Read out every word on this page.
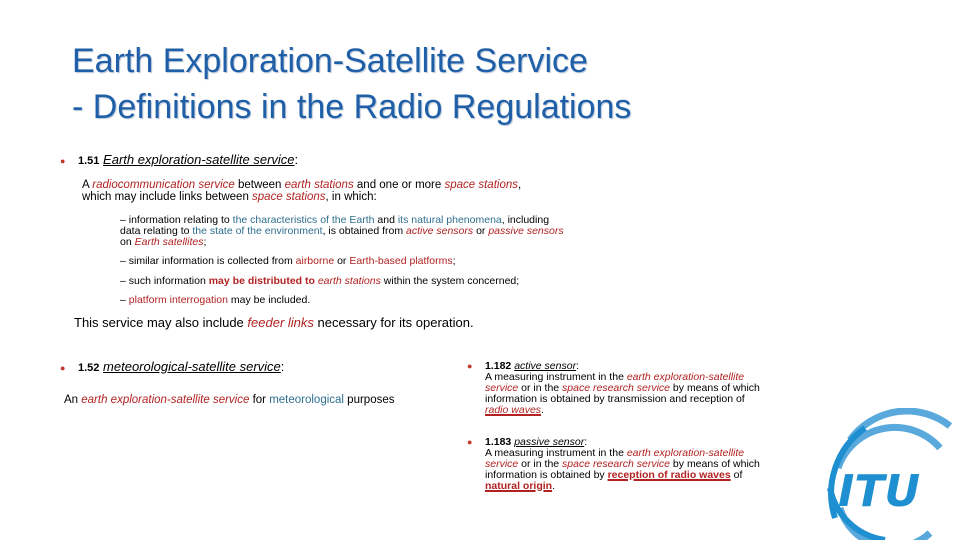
Earth Exploration-Satellite Service
- Definitions in the Radio Regulations
● 1.51 Earth exploration-satellite service:
A radiocommunication service between earth stations and one or more space stations,
which may include links between space stations, in which:
– information relating to the characteristics of the Earth and its natural phenomena, including
data relating to the state of the environment, is obtained from active sensors or passive sensors
on Earth satellites;
– similar information is collected from airborne or Earth-based platforms;
– such information may be distributed to earth stations within the system concerned;
– platform interrogation may be included.
This service may also include feeder links necessary for its operation.
● 1.52 meteorological-satellite service:
An earth exploration-satellite service for meteorological purposes
● 1.182 active sensor:
A measuring instrument in the earth exploration-satellite
service or in the space research service by means of which
information is obtained by transmission and reception of
radio waves.
● 1.183 passive sensor:
A measuring instrument in the earth exploration-satellite
service or in the space research service by means of which
information is obtained by reception of radio waves of
natural origin.	ITU
